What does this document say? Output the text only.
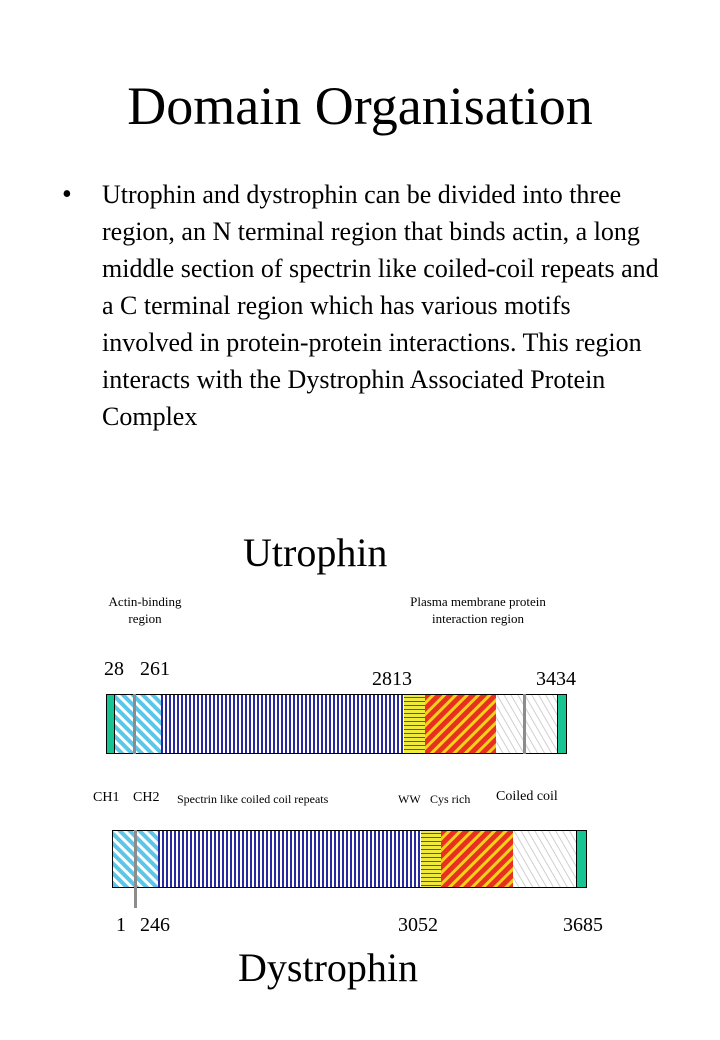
Domain Organisation
• Utrophin and dystrophin can be divided into three region, an N terminal region that binds actin, a long middle section of spectrin like coiled-coil repeats and a C terminal region which has various motifs involved in protein-protein interactions. This region interacts with the Dystrophin Associated Protein Complex
Utrophin
Actin-binding
region
Plasma membrane protein
interaction region
28 261	2813	3434
CH1 CH2 Spectrin like coiled coil repeats	WW Cys rich Coiled coil
1 246	3052	3685
Dystrophin
